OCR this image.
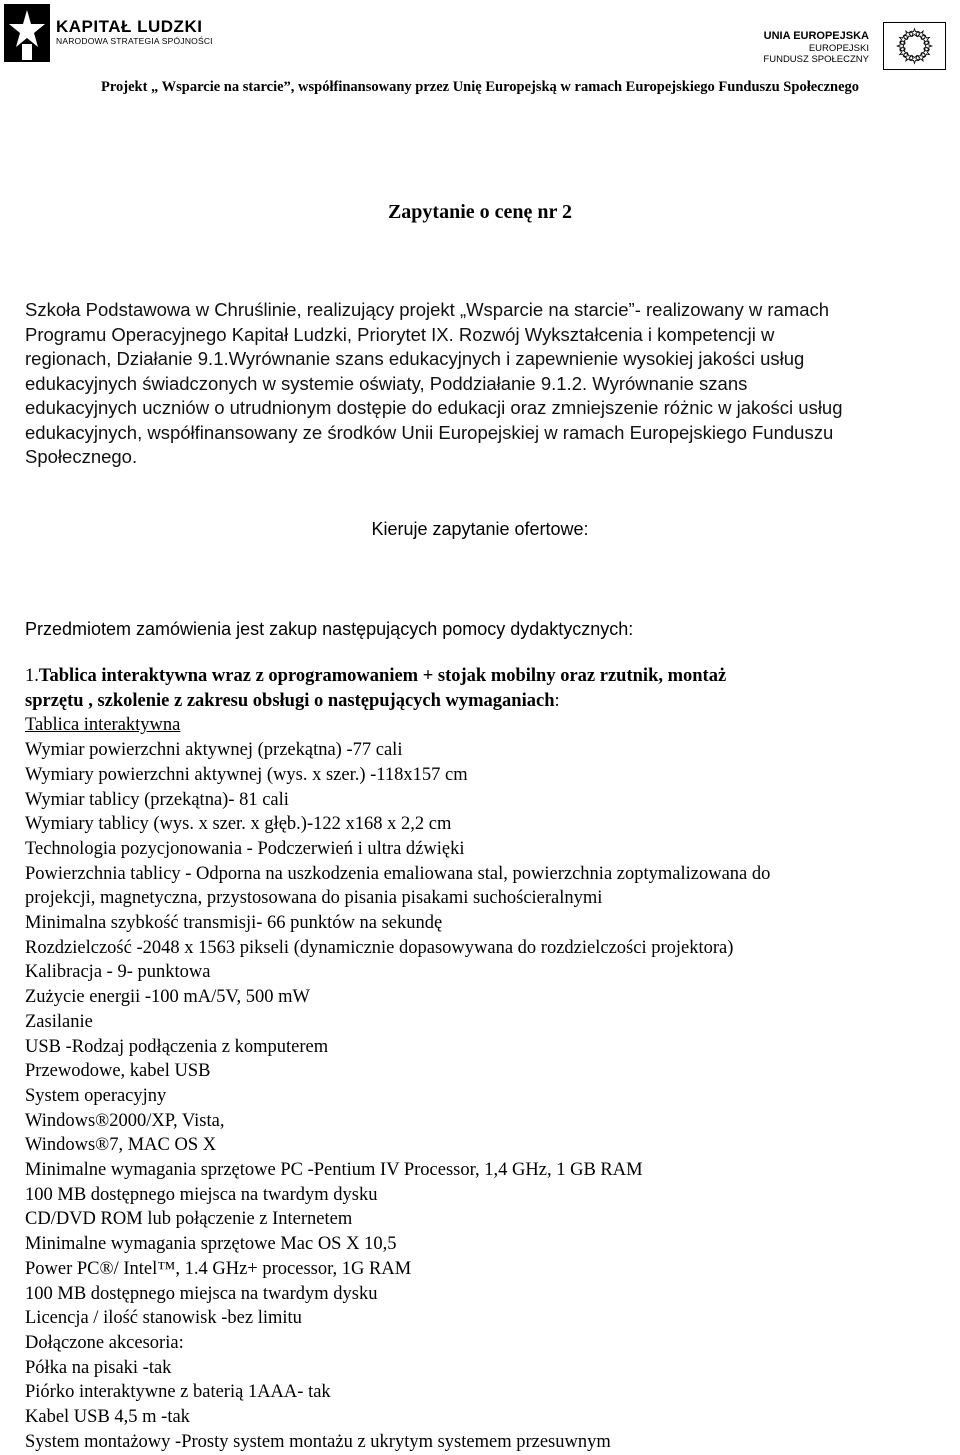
KAPITAŁ LUDZKI
NARODOWA STRATEGIA SPÓJNOŚCI	UNIA EUROPEJSKA
EUROPEJSKI
FUNDUSZ SPOŁECZNY
Projekt „ Wsparcie na starcie”, współfinansowany przez Unię Europejską w ramach Europejskiego Funduszu Społecznego
Zapytanie o cenę nr 2
Szkoła Podstawowa w Chruślinie, realizujący projekt „Wsparcie na starcie”- realizowany w ramach
Programu Operacyjnego Kapitał Ludzki, Priorytet IX. Rozwój Wykształcenia i kompetencji w
regionach, Działanie 9.1.Wyrównanie szans edukacyjnych i zapewnienie wysokiej jakości usług
edukacyjnych świadczonych w systemie oświaty, Poddziałanie 9.1.2. Wyrównanie szans
edukacyjnych uczniów o utrudnionym dostępie do edukacji oraz zmniejszenie różnic w jakości usług
edukacyjnych, współfinansowany ze środków Unii Europejskiej w ramach Europejskiego Funduszu
Społecznego.
Kieruje zapytanie ofertowe:
Przedmiotem zamówienia jest zakup następujących pomocy dydaktycznych:
1.Tablica interaktywna wraz z oprogramowaniem + stojak mobilny oraz rzutnik, montaż
sprzętu , szkolenie z zakresu obsługi o następujących wymaganiach:
Tablica interaktywna
Wymiar powierzchni aktywnej (przekątna) -77 cali
Wymiary powierzchni aktywnej (wys. x szer.) -118x157 cm
Wymiar tablicy (przekątna)- 81 cali
Wymiary tablicy (wys. x szer. x głęb.)-122 x168 x 2,2 cm
Technologia pozycjonowania - Podczerwień i ultra dźwięki
Powierzchnia tablicy - Odporna na uszkodzenia emaliowana stal, powierzchnia zoptymalizowana do
projekcji, magnetyczna, przystosowana do pisania pisakami suchościeralnymi
Minimalna szybkość transmisji- 66 punktów na sekundę
Rozdzielczość -2048 x 1563 pikseli (dynamicznie dopasowywana do rozdzielczości projektora)
Kalibracja - 9- punktowa
Zużycie energii -100 mA/5V, 500 mW
Zasilanie
USB -Rodzaj podłączenia z komputerem
Przewodowe, kabel USB
System operacyjny
Windows®2000/XP, Vista,
Windows®7, MAC OS X
Minimalne wymagania sprzętowe PC -Pentium IV Processor, 1,4 GHz, 1 GB RAM
100 MB dostępnego miejsca na twardym dysku
CD/DVD ROM lub połączenie z Internetem
Minimalne wymagania sprzętowe Mac OS X 10,5
Power PC®/ Intel™, 1.4 GHz+ processor, 1G RAM
100 MB dostępnego miejsca na twardym dysku
Licencja / ilość stanowisk -bez limitu
Dołączone akcesoria:
Półka na pisaki -tak
Piórko interaktywne z baterią 1AAA- tak
Kabel USB 4,5 m -tak
System montażowy -Prosty system montażu z ukrytym systemem przesuwnym
